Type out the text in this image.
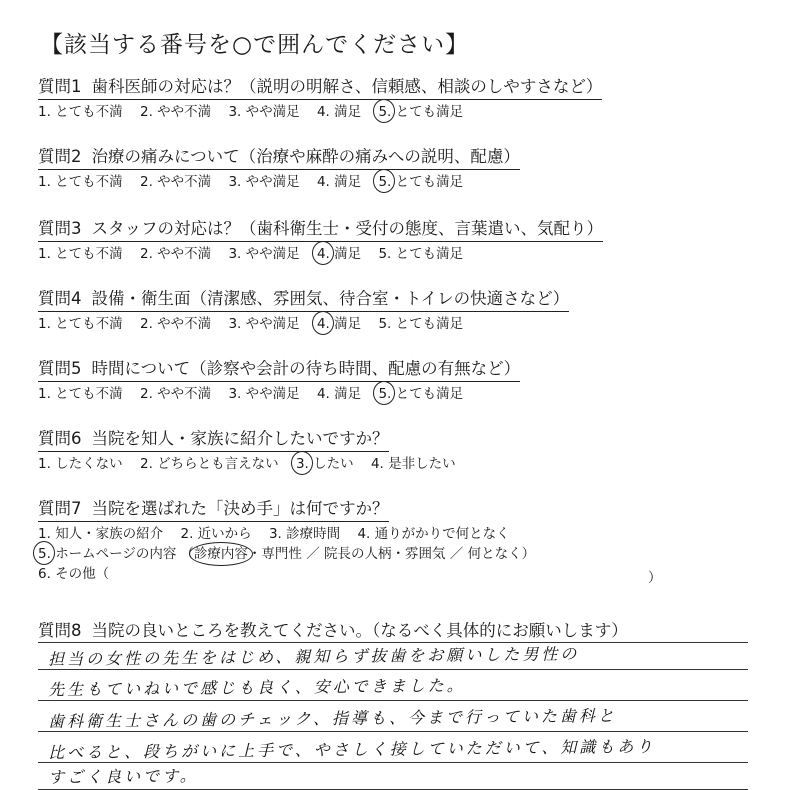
【該当する番号を○で囲んでください】
質問1 歯科医師の対応は？（説明の明解さ、信頼感、相談のしやすさなど）
1. とても不満 2. やや不満 3. やや満足 4. 満足 5. とても満足
質問2 治療の痛みについて（治療や麻酔の痛みへの説明、配慮）
1. とても不満 2. やや不満 3. やや満足 4. 満足 5. とても満足
質問3 スタッフの対応は？（歯科衛生士・受付の態度、言葉遣い、気配り）
1. とても不満 2. やや不満 3. やや満足 4. 満足 5. とても満足
質問4 設備・衛生面（清潔感、雰囲気、待合室・トイレの快適さなど）
1. とても不満 2. やや不満 3. やや満足 4. 満足 5. とても満足
質問5 時間について（診察や会計の待ち時間、配慮の有無など）
1. とても不満 2. やや不満 3. やや満足 4. 満足 5. とても満足
質問6 当院を知人・家族に紹介したいですか？
1. したくない 2. どちらとも言えない 3. したい 4. 是非したい
質問7 当院を選ばれた「決め手」は何ですか？
1. 知人・家族の紹介 2. 近いから 3. 診療時間 4. 通りがかりで何となく
5. ホームページの内容 （診療内容・専門性 ／ 院長の人柄・雰囲気 ／ 何となく）
6. その他（	）
質問8 当院の良いところを教えてください。（なるべく具体的にお願いします）
担当の女性の先生をはじめ、親知らず抜歯をお願いした男性の
先生もていねいで感じも良く、安心できました。
歯科衛生士さんの歯のチェック、指導も、今まで行っていた歯科と
比べると、段ちがいに上手で、やさしく接していただいて、知識もあり
すごく良いです。
